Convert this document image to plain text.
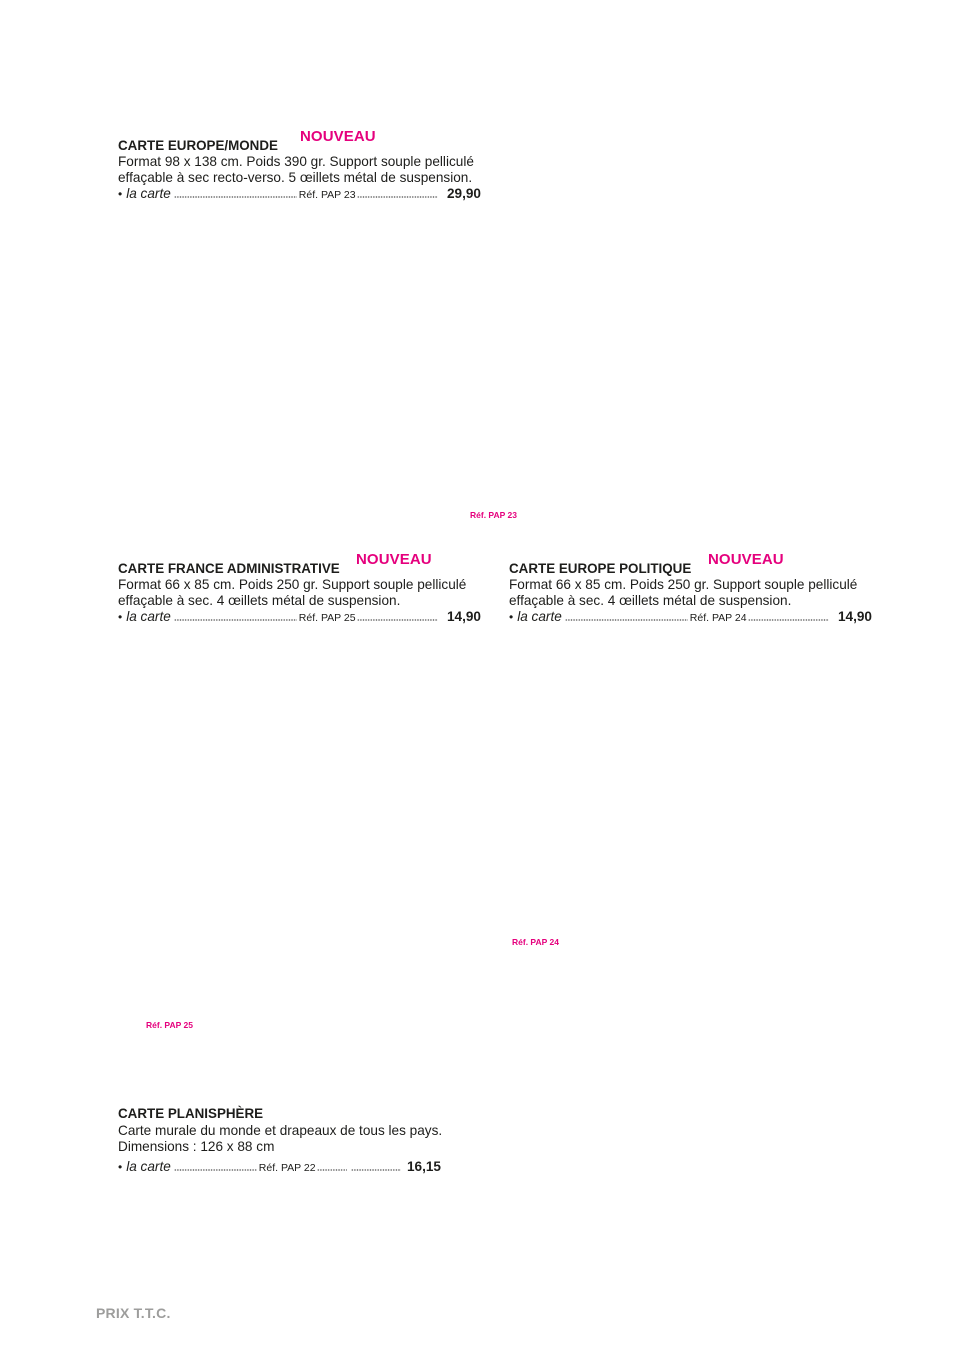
CARTE EUROPE/MONDE
NOUVEAU
Format 98 x 138 cm. Poids 390 gr. Support souple pelliculé
effaçable à sec recto-verso. 5 œillets métal de suspension.
• la carte	Réf. PAP 23	29,90
Réf. PAP 23
CARTE FRANCE ADMINISTRATIVE
NOUVEAU
Format 66 x 85 cm. Poids 250 gr. Support souple pelliculé
effaçable à sec. 4 œillets métal de suspension.
• la carte	Réf. PAP 25	14,90
CARTE EUROPE POLITIQUE
NOUVEAU
Format 66 x 85 cm. Poids 250 gr. Support souple pelliculé
effaçable à sec. 4 œillets métal de suspension.
• la carte	Réf. PAP 24	14,90
Réf. PAP 24
Réf. PAP 25
CARTE PLANISPHÈRE
Carte murale du monde et drapeaux de tous les pays.
Dimensions : 126 x 88 cm
• la carte	Réf. PAP 22	16,15
PRIX T.T.C.
